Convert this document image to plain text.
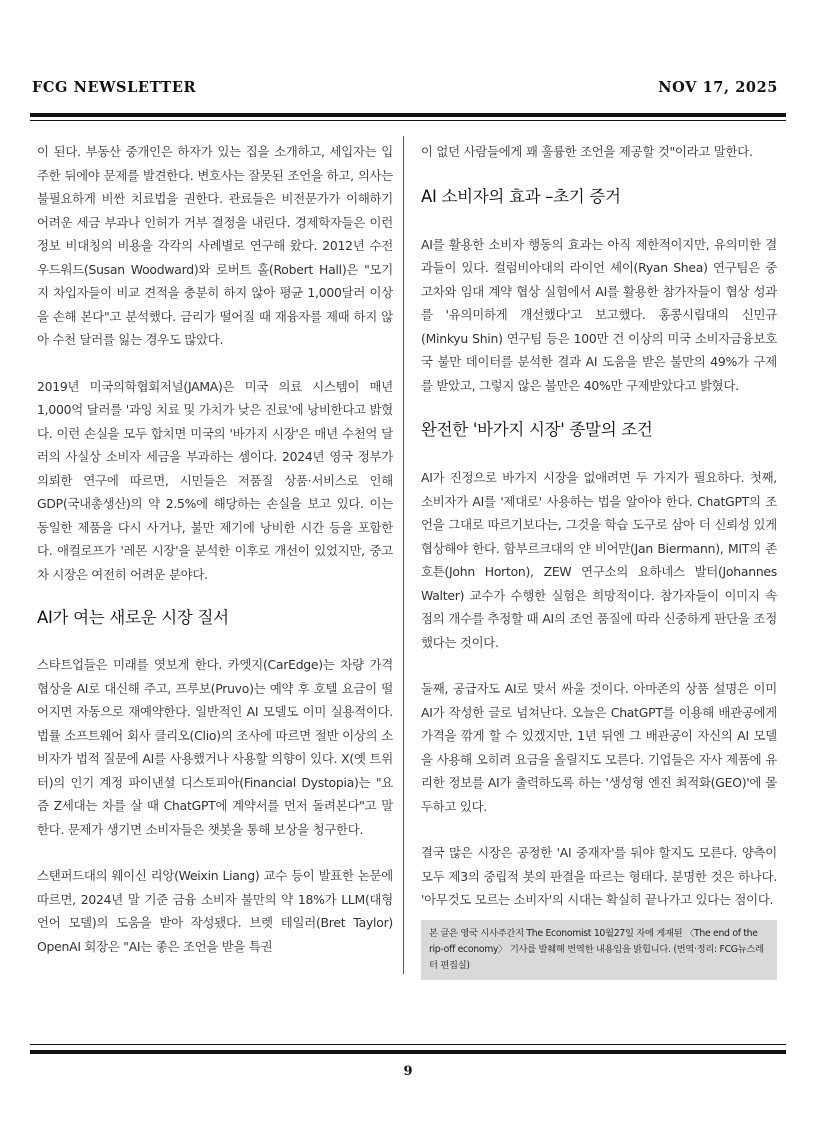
FCG NEWSLETTER	NOV 17, 2025

이 된다. 부동산 중개인은 하자가 있는 집을 소개하고, 세입자는 입주한 뒤에야 문제를 발견한다. 변호사는 잘못된 조언을 하고, 의사는 불필요하게 비싼 치료법을 권한다. 관료들은 비전문가가 이해하기 어려운 세금 부과나 인허가 거부 결정을 내린다. 경제학자들은 이런 정보 비대칭의 비용을 각각의 사례별로 연구해 왔다. 2012년 수전 우드워드(Susan Woodward)와 로버트 홀(Robert Hall)은 "모기지 차입자들이 비교 견적을 충분히 하지 않아 평균 1,000달러 이상을 손해 본다"고 분석했다. 금리가 떨어질 때 재융자를 제때 하지 않아 수천 달러를 잃는 경우도 많았다.

2019년 미국의학협회저널(JAMA)은 미국 의료 시스템이 매년 1,000억 달러를 '과잉 치료 및 가치가 낮은 진료'에 낭비한다고 밝혔다. 이런 손실을 모두 합치면 미국의 '바가지 시장'은 매년 수천억 달러의 사실상 소비자 세금을 부과하는 셈이다. 2024년 영국 정부가 의뢰한 연구에 따르면, 시민들은 저품질 상품·서비스로 인해 GDP(국내총생산)의 약 2.5%에 해당하는 손실을 보고 있다. 이는 동일한 제품을 다시 사거나, 불만 제기에 낭비한 시간 등을 포함한다. 애컬로프가 '레몬 시장'을 분석한 이후로 개선이 있었지만, 중고차 시장은 여전히 어려운 분야다.

AI가 여는 새로운 시장 질서

스타트업들은 미래를 엿보게 한다. 카엣지(CarEdge)는 차량 가격 협상을 AI로 대신해 주고, 프루보(Pruvo)는 예약 후 호텔 요금이 떨어지면 자동으로 재예약한다. 일반적인 AI 모델도 이미 실용적이다. 법률 소프트웨어 회사 클리오(Clio)의 조사에 따르면 절반 이상의 소비자가 법적 질문에 AI를 사용했거나 사용할 의향이 있다. X(옛 트위터)의 인기 계정 파이낸셜 디스토피아(Financial Dystopia)는 "요즘 Z세대는 차를 살 때 ChatGPT에 계약서를 먼저 돌려본다"고 말한다. 문제가 생기면 소비자들은 챗봇을 통해 보상을 청구한다.

스탠퍼드대의 웨이신 리앙(Weixin Liang) 교수 등이 발표한 논문에 따르면, 2024년 말 기준 금융 소비자 불만의 약 18%가 LLM(대형 언어 모델)의 도움을 받아 작성됐다. 브렛 테일러(Bret Taylor) OpenAI 회장은 "AI는 좋은 조언을 받을 특권

이 없던 사람들에게 꽤 훌륭한 조언을 제공할 것"이라고 말한다.

AI 소비자의 효과 –초기 증거

AI를 활용한 소비자 행동의 효과는 아직 제한적이지만, 유의미한 결과들이 있다. 컬럼비아대의 라이언 셰이(Ryan Shea) 연구팀은 중고차와 임대 계약 협상 실험에서 AI를 활용한 참가자들이 협상 성과를 '유의미하게 개선했다'고 보고했다. 홍콩시립대의 신민규(Minkyu Shin) 연구팀 등은 100만 건 이상의 미국 소비자금융보호국 불만 데이터를 분석한 결과 AI 도움을 받은 불만의 49%가 구제를 받았고, 그렇지 않은 불만은 40%만 구제받았다고 밝혔다.

완전한 '바가지 시장' 종말의 조건

AI가 진정으로 바가지 시장을 없애려면 두 가지가 필요하다. 첫째, 소비자가 AI를 '제대로' 사용하는 법을 알아야 한다. ChatGPT의 조언을 그대로 따르기보다는, 그것을 학습 도구로 삼아 더 신뢰성 있게 협상해야 한다. 함부르크대의 얀 비어만(Jan Biermann), MIT의 존 호튼(John Horton), ZEW 연구소의 요하네스 발터(Johannes Walter) 교수가 수행한 실험은 희망적이다. 참가자들이 이미지 속 점의 개수를 추정할 때 AI의 조언 품질에 따라 신중하게 판단을 조정했다는 것이다.

둘째, 공급자도 AI로 맞서 싸울 것이다. 아마존의 상품 설명은 이미 AI가 작성한 글로 넘쳐난다. 오늘은 ChatGPT를 이용해 배관공에게 가격을 깎게 할 수 있겠지만, 1년 뒤엔 그 배관공이 자신의 AI 모델을 사용해 오히려 요금을 올릴지도 모른다. 기업들은 자사 제품에 유리한 정보를 AI가 출력하도록 하는 '생성형 엔진 최적화(GEO)'에 몰두하고 있다.

결국 많은 시장은 공정한 'AI 중재자'를 둬야 할지도 모른다. 양측이 모두 제3의 중립적 봇의 판결을 따르는 형태다. 분명한 것은 하나다. '아무것도 모르는 소비자'의 시대는 확실히 끝나가고 있다는 점이다.

본 글은 영국 시사주간지 The Economist 10월27일 자에 게재된 〈The end of the rip-off economy〉 기사를 발췌해 번역한 내용임을 밝힙니다. (번역·정리: FCG뉴스레터 편집실)
9
